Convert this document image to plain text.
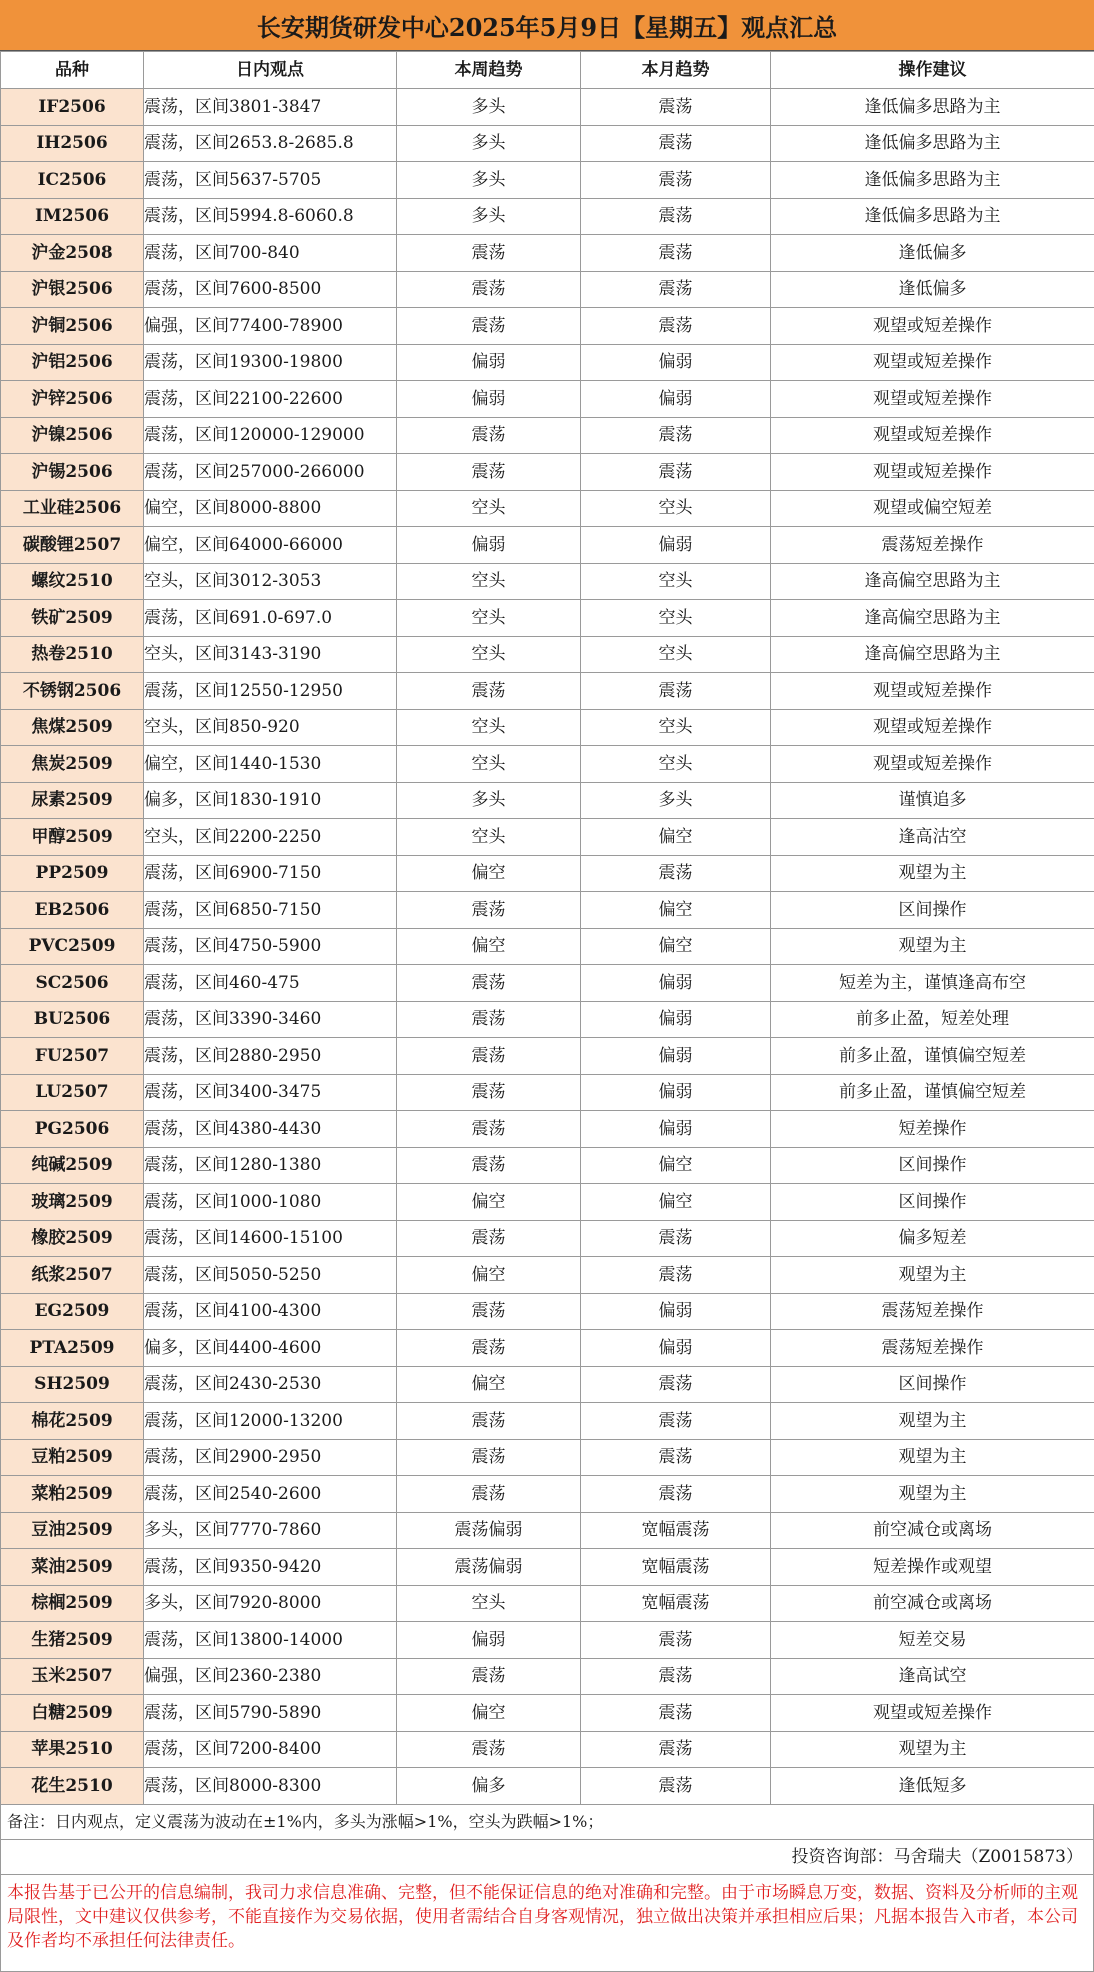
长安期货研发中心2025年5月9日【星期五】观点汇总
品种	日内观点	本周趋势	本月趋势	操作建议
IF2506	震荡，区间3801-3847	多头	震荡	逢低偏多思路为主
IH2506	震荡，区间2653.8-2685.8	多头	震荡	逢低偏多思路为主
IC2506	震荡，区间5637-5705	多头	震荡	逢低偏多思路为主
IM2506	震荡，区间5994.8-6060.8	多头	震荡	逢低偏多思路为主
沪金2508	震荡，区间700-840	震荡	震荡	逢低偏多
沪银2506	震荡，区间7600-8500	震荡	震荡	逢低偏多
沪铜2506	偏强，区间77400-78900	震荡	震荡	观望或短差操作
沪铝2506	震荡，区间19300-19800	偏弱	偏弱	观望或短差操作
沪锌2506	震荡，区间22100-22600	偏弱	偏弱	观望或短差操作
沪镍2506	震荡，区间120000-129000	震荡	震荡	观望或短差操作
沪锡2506	震荡，区间257000-266000	震荡	震荡	观望或短差操作
工业硅2506	偏空，区间8000-8800	空头	空头	观望或偏空短差
碳酸锂2507	偏空，区间64000-66000	偏弱	偏弱	震荡短差操作
螺纹2510	空头，区间3012-3053	空头	空头	逢高偏空思路为主
铁矿2509	震荡，区间691.0-697.0	空头	空头	逢高偏空思路为主
热卷2510	空头，区间3143-3190	空头	空头	逢高偏空思路为主
不锈钢2506	震荡，区间12550-12950	震荡	震荡	观望或短差操作
焦煤2509	空头，区间850-920	空头	空头	观望或短差操作
焦炭2509	偏空，区间1440-1530	空头	空头	观望或短差操作
尿素2509	偏多，区间1830-1910	多头	多头	谨慎追多
甲醇2509	空头，区间2200-2250	空头	偏空	逢高沽空
PP2509	震荡，区间6900-7150	偏空	震荡	观望为主
EB2506	震荡，区间6850-7150	震荡	偏空	区间操作
PVC2509	震荡，区间4750-5900	偏空	偏空	观望为主
SC2506	震荡，区间460-475	震荡	偏弱	短差为主，谨慎逢高布空
BU2506	震荡，区间3390-3460	震荡	偏弱	前多止盈，短差处理
FU2507	震荡，区间2880-2950	震荡	偏弱	前多止盈，谨慎偏空短差
LU2507	震荡，区间3400-3475	震荡	偏弱	前多止盈，谨慎偏空短差
PG2506	震荡，区间4380-4430	震荡	偏弱	短差操作
纯碱2509	震荡，区间1280-1380	震荡	偏空	区间操作
玻璃2509	震荡，区间1000-1080	偏空	偏空	区间操作
橡胶2509	震荡，区间14600-15100	震荡	震荡	偏多短差
纸浆2507	震荡，区间5050-5250	偏空	震荡	观望为主
EG2509	震荡，区间4100-4300	震荡	偏弱	震荡短差操作
PTA2509	偏多，区间4400-4600	震荡	偏弱	震荡短差操作
SH2509	震荡，区间2430-2530	偏空	震荡	区间操作
棉花2509	震荡，区间12000-13200	震荡	震荡	观望为主
豆粕2509	震荡，区间2900-2950	震荡	震荡	观望为主
菜粕2509	震荡，区间2540-2600	震荡	震荡	观望为主
豆油2509	多头，区间7770-7860	震荡偏弱	宽幅震荡	前空减仓或离场
菜油2509	震荡，区间9350-9420	震荡偏弱	宽幅震荡	短差操作或观望
棕榈2509	多头，区间7920-8000	空头	宽幅震荡	前空减仓或离场
生猪2509	震荡，区间13800-14000	偏弱	震荡	短差交易
玉米2507	偏强，区间2360-2380	震荡	震荡	逢高试空
白糖2509	震荡，区间5790-5890	偏空	震荡	观望或短差操作
苹果2510	震荡，区间7200-8400	震荡	震荡	观望为主
花生2510	震荡，区间8000-8300	偏多	震荡	逢低短多
备注：日内观点，定义震荡为波动在±1%内，多头为涨幅>1%，空头为跌幅>1%；
投资咨询部：马舍瑞夫（Z0015873）
本报告基于已公开的信息编制，我司力求信息准确、完整，但不能保证信息的绝对准确和完整。由于市场瞬息万变，数据、资料及分析师的主观局限性，文中建议仅供参考，不能直接作为交易依据，使用者需结合自身客观情况，独立做出决策并承担相应后果；凡据本报告入市者，本公司及作者均不承担任何法律责任。
